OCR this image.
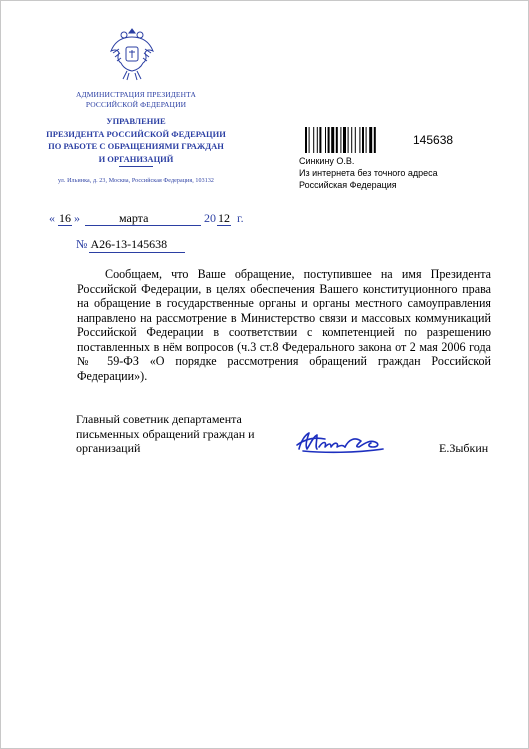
АДМИНИСТРАЦИЯ ПРЕЗИДЕНТА
РОССИЙСКОЙ ФЕДЕРАЦИИ
УПРАВЛЕНИЕ
ПРЕЗИДЕНТА РОССИЙСКОЙ ФЕДЕРАЦИИ
ПО РАБОТЕ С ОБРАЩЕНИЯМИ ГРАЖДАН
И ОРГАНИЗАЦИЙ
ул. Ильинка, д. 23, Москва, Российская Федерация, 103132
145638
Синкину О.В.
Из интернета без точного адреса
Российская Федерация
« 16 »	марта	20 12 г.
№ А26-13-145638
Сообщаем, что Ваше обращение, поступившее на имя Президента Российской Федерации, в целях обеспечения Вашего конституционного права на обращение в государственные органы и органы местного самоуправления направлено на рассмотрение в Министерство связи и массовых коммуникаций Российской Федерации в соответствии с компетенцией по разрешению поставленных в нём вопросов (ч.3 ст.8 Федерального закона от 2 мая 2006 года № 59-ФЗ «О порядке рассмотрения обращений граждан Российской Федерации»).
Главный советник департамента
письменных обращений граждан и
организаций	Е.Зыбкин
